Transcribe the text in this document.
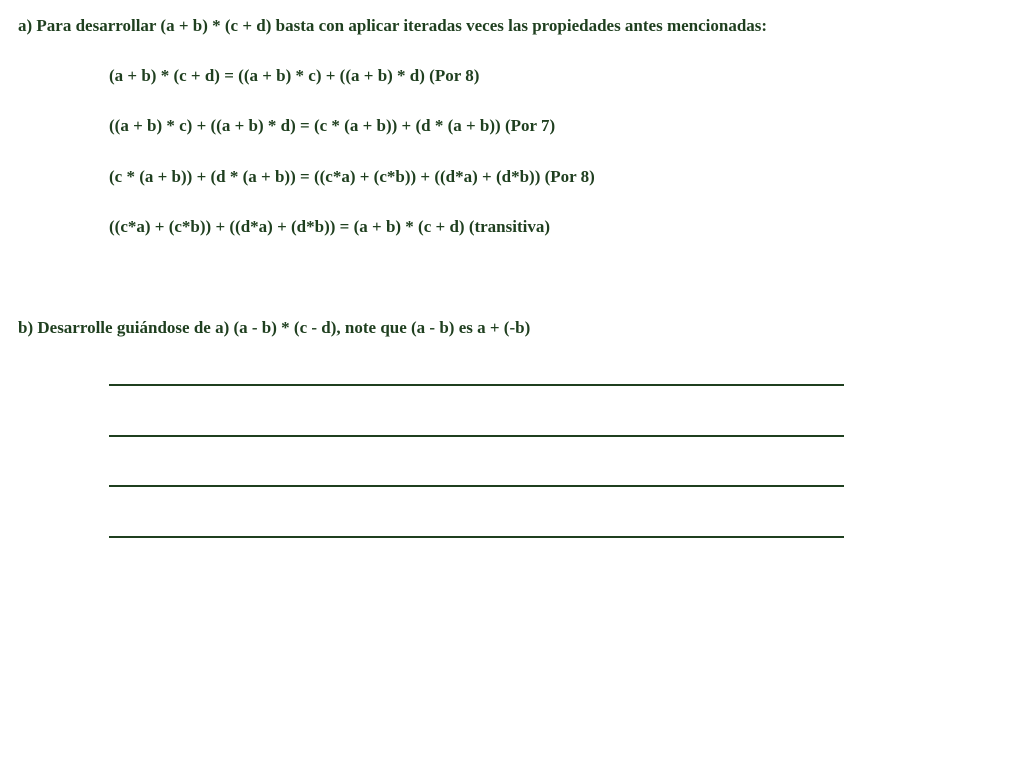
a) Para desarrollar (a + b) * (c + d) basta con aplicar iteradas veces las propiedades antes mencionadas:
(a + b) * (c + d) = ((a + b) * c) + ((a + b) * d) (Por 8)
((a + b) * c) + ((a + b) * d) = (c * (a + b)) + (d * (a + b)) (Por 7)
(c * (a + b)) + (d * (a + b)) = ((c*a) + (c*b)) + ((d*a) + (d*b)) (Por 8)
((c*a) + (c*b)) + ((d*a) + (d*b)) = (a + b) * (c + d) (transitiva)
b) Desarrolle guiándose de a) (a - b) * (c - d), note que (a - b) es a + (-b)
